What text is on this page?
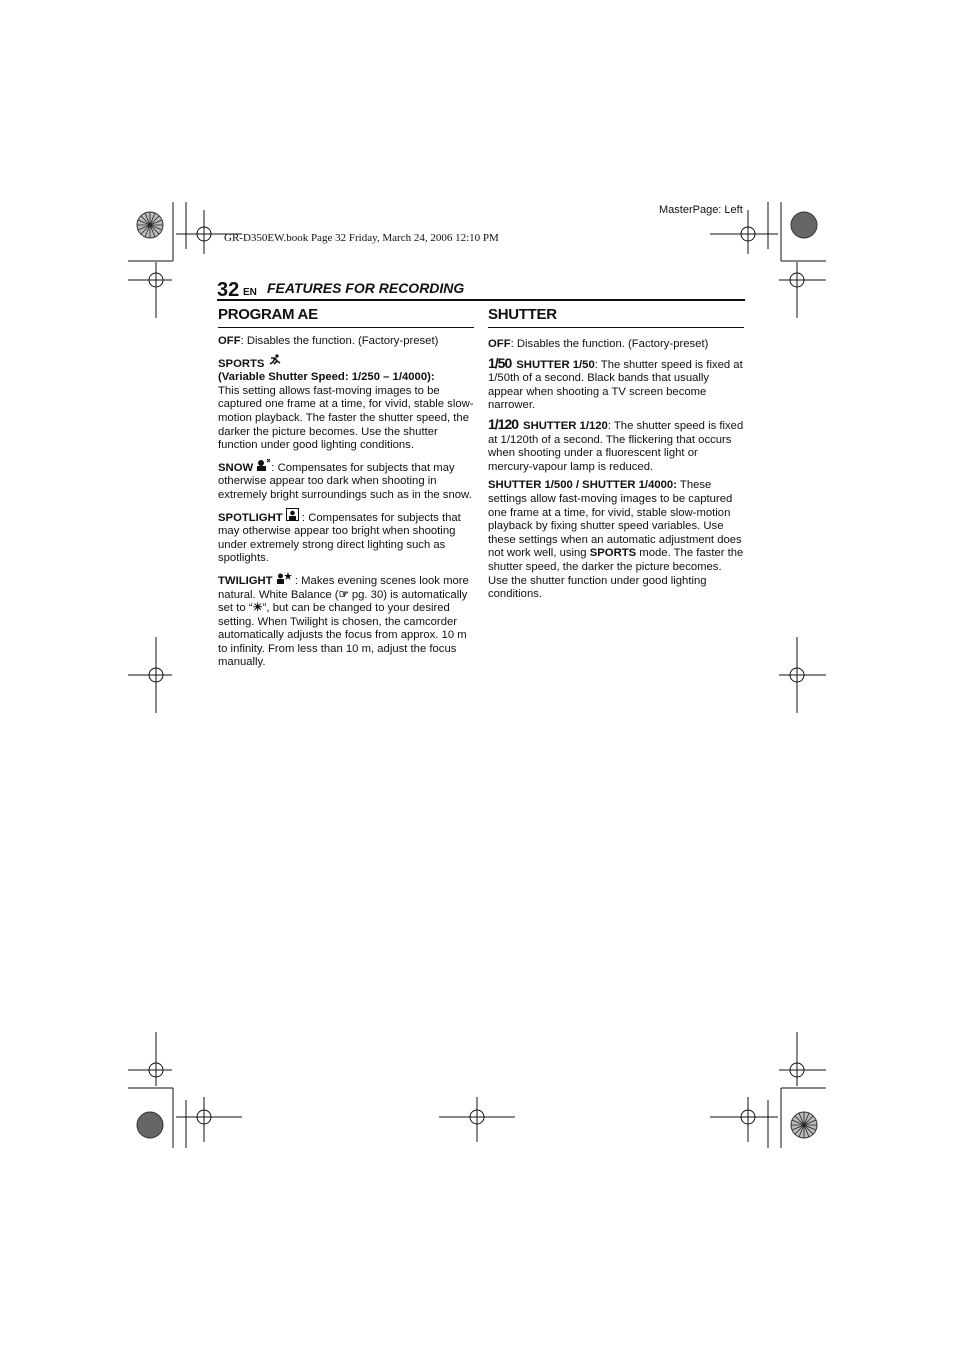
MasterPage: Left
GR-D350EW.book Page 32 Friday, March 24, 2006 12:10 PM
32 EN FEATURES FOR RECORDING
PROGRAM AE

OFF: Disables the function. (Factory-preset)

SPORTS
(Variable Shutter Speed: 1/250 – 1/4000):
This setting allows fast-moving images to be captured one frame at a time, for vivid, stable slow-motion playback. The faster the shutter speed, the darker the picture becomes. Use the shutter function under good lighting conditions.

SNOW : Compensates for subjects that may otherwise appear too dark when shooting in extremely bright surroundings such as in the snow.

SPOTLIGHT  : Compensates for subjects that may otherwise appear too bright when shooting under extremely strong direct lighting such as spotlights.

TWILIGHT  : Makes evening scenes look more natural. White Balance (☞ pg. 30) is automatically set to “☀”, but can be changed to your desired setting. When Twilight is chosen, the camcorder automatically adjusts the focus from approx. 10 m to infinity. From less than 10 m, adjust the focus manually.

SHUTTER

OFF: Disables the function. (Factory-preset)

1/50 SHUTTER 1/50: The shutter speed is fixed at 1/50th of a second. Black bands that usually appear when shooting a TV screen become narrower.

1/120 SHUTTER 1/120: The shutter speed is fixed at 1/120th of a second. The flickering that occurs when shooting under a fluorescent light or mercury-vapour lamp is reduced.

SHUTTER 1/500 / SHUTTER 1/4000: These settings allow fast-moving images to be captured one frame at a time, for vivid, stable slow-motion playback by fixing shutter speed variables. Use these settings when an automatic adjustment does not work well, using SPORTS mode. The faster the shutter speed, the darker the picture becomes. Use the shutter function under good lighting conditions.
